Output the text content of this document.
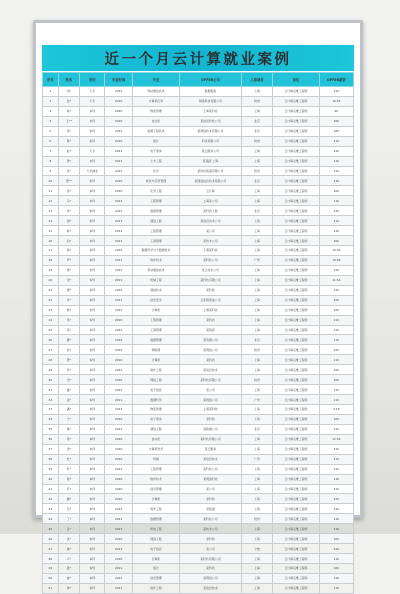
近一个月云计算就业案例
序号	姓名	学历	毕业时间	专业	OFFER公司	入职城市	岗位	OFFER薪资
1	刘*	大专	2021	移动通信技术	数据集团	上海	云计算运维工程师	11K
2	张*	大专	2020	计算机应用	网络科技有限公司	杭州	云计算运维工程师	10.5K
3	杨*	本科	2020	物流管理	上海某科技	上海	云计算运维工程师	9K
4	王**	本科	2020	自动化	某信息科技公司	北京	云计算运维工程师	10K
5	李*	本科	2021	能源工程技术	某网络技术有限公司	北京	云计算运维工程师	10K
6	陈*	本科	2020	统计	科技有限公司	杭州	云计算运维工程师	11K
7	赵*	大专	2021	电子商务	某云服务公司	上海	云计算运维工程师	12K
8	周*	本科	2021	土木工程	某集团 上海	上海	云计算运维工程师	11K
9	吴*	大学肄业	2021	化学	某科技集团有限公司	杭州	云计算运维工程师	11K
10	郑**	本科	2020	软件与应用管理	某网络信息技术有限公司	北京	云计算运维工程师	13K
11	孙*	本科	2020	化学工程	云计算	上海	云计算运维工程师	10K
12	马*	本科	2022	工程管理	上海某公司	上海	云计算运维工程师	11K
13	朱*	本科	2021	数据管理	某科技上海	北京	云计算运维工程师	12K
14	胡*	本科	2021	通信工程	某信息技术公司	上海	云计算运维工程师	11K
15	林*	本科	2021	工程管理	某公司	上海	云计算运维工程师	11K
16	何*	本科	2021	工商管理	某技术公司	上海	云计算运维工程师	10K
17	高*	本科	2022	数据科学与大数据技术	上海某科技	上海	云计算运维工程师	10.5K
18	罗*	本科	2021	软件技术	某科技公司	广州	云计算运维工程师	10.5K
19	梁*	本科	2021	移动通信技术	某云技术公司	上海	云计算运维工程师	11K
20	宋*	本科	2021	机械工程	某科技有限公司	上海	云计算运维工程师	11.5K
21	唐*	本科	2022	通信技术	某科技	上海	云计算运维工程师	11K
22	许*	本科	2021	信息安全	云系统集成公司	上海	云计算运维工程师	12K
23	韩*	本科	2021	计算机	上海某科技	上海	云计算运维工程师	12K
24	冯*	本科	2020	工程管理	某科技	上海	云计算运维工程师	11K
25	邓*	本科	2021	工商管理	某集团	上海	云计算运维工程师	11K
26	曹*	本科	2019	数据管理	某有限公司	北京	云计算运维工程师	11K
27	彭*	本科	2019	物联网	某网络公司	杭州	云计算运维工程师	12K
28	曾*	本科	2020	计算机	某科技	上海	云计算运维工程师	11K
29	肖*	本科	2021	软件工程	某信息技术	上海	云计算运维工程师	10K
30	田*	本科	2020	网络工程	某科技有限公司	杭州	云计算运维工程师	10K
31	董*	本科	2021	电子信息	某公司	上海	云计算运维工程师	11K
32	袁*	本科	2021	数据科学	某网络公司	广州	云计算运维工程师	11K
33	潘*	本科	2021	物流管理	上海某科技	上海	云计算运维工程师	9.5K
34	于*	本科	2020	电子商务	某科技	上海	云计算运维工程师	10K
35	蒋*	本科	2021	通信工程	某数据公司	北京	云计算运维工程师	11K
36	蔡*	本科	2020	自动化	某科技有限公司	上海	云计算运维工程师	11.5K
37	余*	本科	2020	计算机科学	某云服务	上海	云计算运维工程师	11K
38	杜*	本科	2020	机械	某信息技术	广州	云计算运维工程师	11K
39	叶*	本科	2021	工程管理	某科技公司	上海	云计算运维工程师	11K
40	程*	本科	2020	软件技术	某网络科技	上海	云计算运维工程师	11K
41	苏*	本科	2020	信息管理	某公司	上海	云计算运维工程师	11K
42	魏*	本科	2020	计算机	某科技	上海	云计算运维工程师	12K
43	吕*	本科	2021	软件工程	某集团	上海	云计算运维工程师	11K
44	丁*	本科	2021	数据管理	某科技公司	杭州	云计算运维工程师	11K
45	任*	本科	2021	机电工程	某技术公司	上海	云计算运维工程师	11K
46	沈*	本科	2020	网络工程	某科技	上海	云计算运维工程师	10K
47	姚*	本科	2021	电子信息	某公司	宁波	云计算运维工程师	12K
48	卢*	本科	2020	计算机	某科技有限公司	上海	云计算运维工程师	11K
49	姜*	本科	2021	统计	某科技	上海	云计算运维工程师	10K
50	崔*	本科	2021	信息管理	某网络公司	上海	云计算运维工程师	11K
51	钟*	本科	2021	软件工程	某信息技术	上海	云计算运维工程师	11K
